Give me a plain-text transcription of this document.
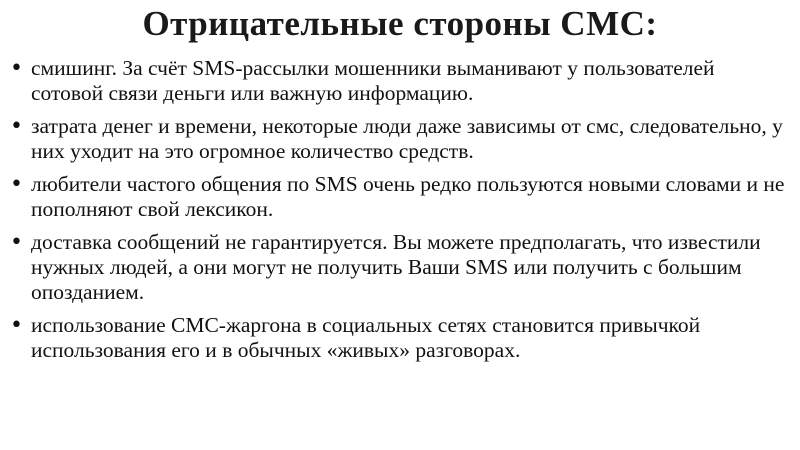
Отрицательные стороны СМС:
• смишинг. За счёт SMS-рассылки мошенники выманивают у пользователей сотовой связи деньги или важную информацию.
• затрата денег и времени, некоторые люди даже зависимы от смс, следовательно, у них уходит на это огромное количество средств.
• любители частого общения по SMS очень редко пользуются новыми словами и не пополняют свой лексикон.
• доставка сообщений не гарантируется. Вы можете предполагать, что известили нужных людей, а они могут не получить Ваши SMS или получить с большим опозданием.
• использование СМС-жаргона в социальных сетях становится привычкой использования его и в обычных «живых» разговорах.
